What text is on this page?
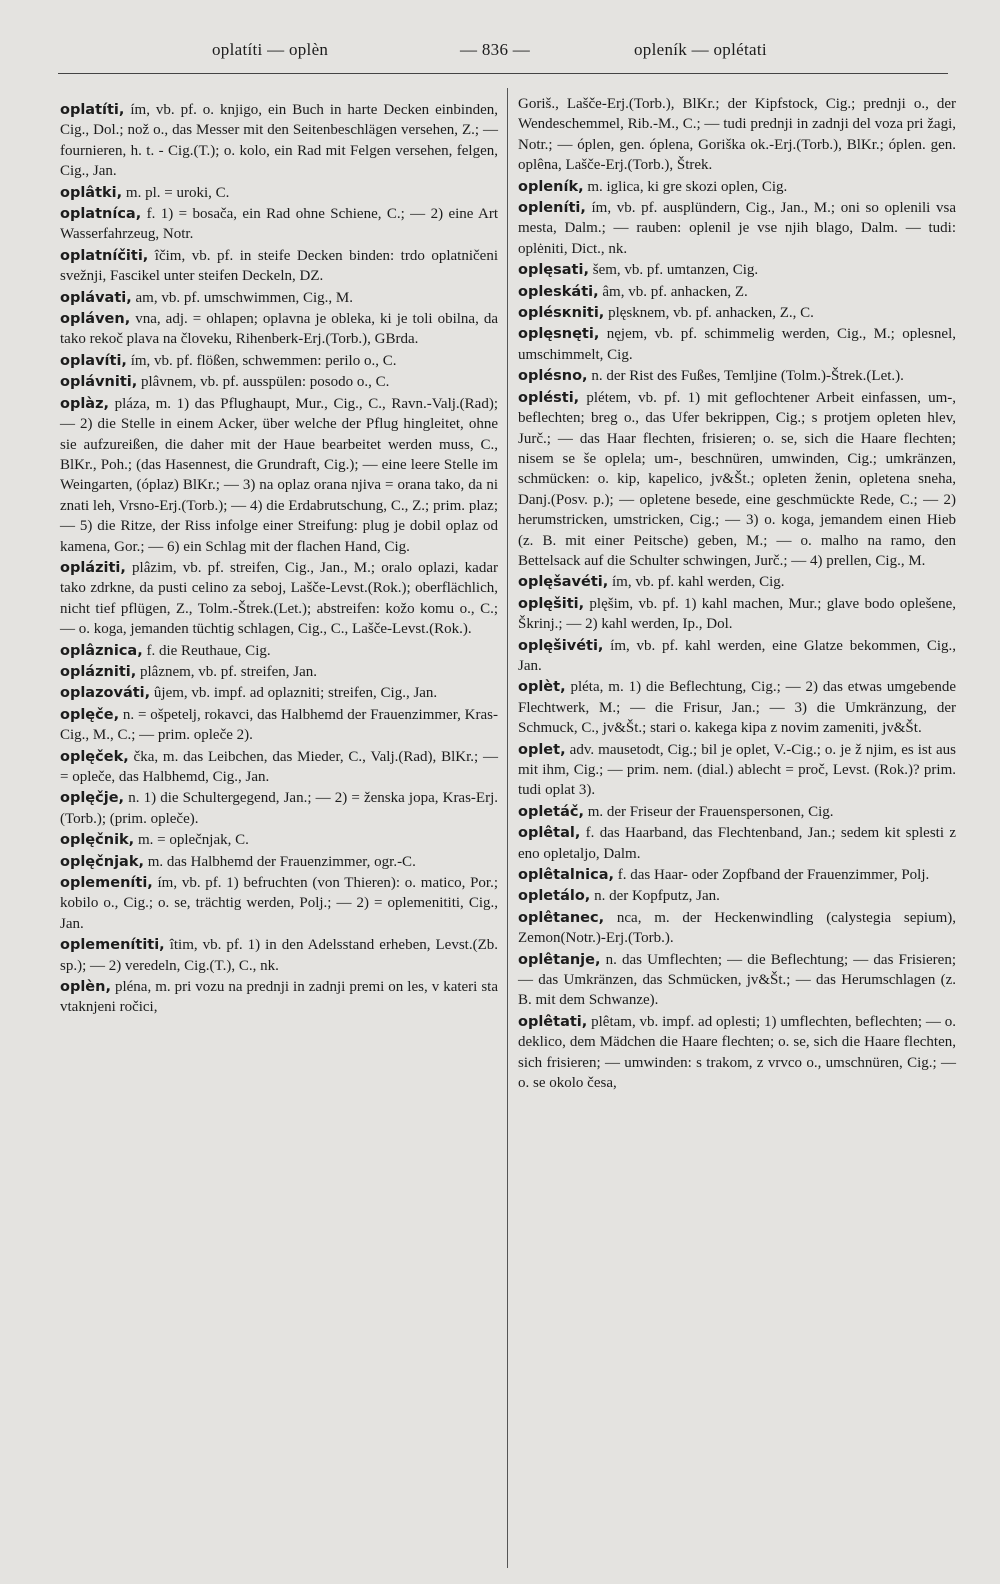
oplatíti — oplèn	— 836 —	opleník — oplétati
oplatíti, ím, vb. pf. o. knjigo, ein Buch in harte Decken einbinden, Cig., Dol.; nož o., das Messer mit den Seitenbeschlägen versehen, Z.; — fournieren, h. t. - Cig.(T.); o. kolo, ein Rad mit Felgen versehen, felgen, Cig., Jan.
oplâtki, m. pl. = uroki, C.
oplatníca, f. 1) = bosača, ein Rad ohne Schiene, C.; — 2) eine Art Wasserfahrzeug, Notr.
oplatníčiti, îčim, vb. pf. in steife Decken binden: trdo oplatničeni svežnji, Fascikel unter steifen Deckeln, DZ.
oplávati, am, vb. pf. umschwimmen, Cig., M.
opláven, vna, adj. = ohlapen; oplavna je obleka, ki je toli obilna, da tako rekoč plava na človeku, Rihenberk-Erj.(Torb.), GBrda.
oplavíti, ím, vb. pf. flößen, schwemmen: perilo o., C.
oplávniti, plâvnem, vb. pf. ausspülen: posodo o., C.
oplàz, pláza, m. 1) das Pflughaupt, Mur., Cig., C., Ravn.-Valj.(Rad); — 2) die Stelle in einem Acker, über welche der Pflug hingleitet, ohne sie aufzureißen, die daher mit der Haue bearbeitet werden muss, C., BlKr., Poh.; (das Hasennest, die Grundraft, Cig.); — eine leere Stelle im Weingarten, (óplaz) BlKr.; — 3) na oplaz orana njiva = orana tako, da ni znati leh, Vrsno-Erj.(Torb.); — 4) die Erdabrutschung, C., Z.; prim. plaz; — 5) die Ritze, der Riss infolge einer Streifung: plug je dobil oplaz od kamena, Gor.; — 6) ein Schlag mit der flachen Hand, Cig.
opláziti, plâzim, vb. pf. streifen, Cig., Jan., M.; oralo oplazi, kadar tako zdrkne, da pusti celino za seboj, Lašče-Levst.(Rok.); oberflächlich, nicht tief pflügen, Z., Tolm.-Štrek.(Let.); abstreifen: kožo komu o., C.; — o. koga, jemanden tüchtig schlagen, Cig., C., Lašče-Levst.(Rok.).
oplâznica, f. die Reuthaue, Cig.
oplázniti, plâznem, vb. pf. streifen, Jan.
oplazováti, ûjem, vb. impf. ad oplazniti; streifen, Cig., Jan.
oplęče, n. = ošpetelj, rokavci, das Halbhemd der Frauenzimmer, Kras-Cig., M., C.; — prim. opleče 2).
oplęček, čka, m. das Leibchen, das Mieder, C., Valj.(Rad), BlKr.; — = opleče, das Halbhemd, Cig., Jan.
oplęčje, n. 1) die Schultergegend, Jan.; — 2) = ženska jopa, Kras-Erj.(Torb.); (prim. opleče).
oplęčnik, m. = oplečnjak, C.
oplęčnjak, m. das Halbhemd der Frauenzimmer, ogr.-C.
oplemeníti, ím, vb. pf. 1) befruchten (von Thieren): o. matico, Por.; kobilo o., Cig.; o. se, trächtig werden, Polj.; — 2) = oplemenititi, Cig., Jan.
oplemenítiti, îtim, vb. pf. 1) in den Adelsstand erheben, Levst.(Zb. sp.); — 2) veredeln, Cig.(T.), C., nk.
oplèn, pléna, m. pri vozu na prednji in zadnji premi on les, v kateri sta vtaknjeni ročici,
Goriš., Lašče-Erj.(Torb.), BlKr.; der Kipfstock, Cig.; prednji o., der Wendeschemmel, Rib.-M., C.; — tudi prednji in zadnji del voza pri žagi, Notr.; — óplen, gen. óplena, Goriška ok.-Erj.(Torb.), BlKr.; óplen. gen. oplêna, Lašče-Erj.(Torb.), Štrek.
opleník, m. iglica, ki gre skozi oplen, Cig.
opleníti, ím, vb. pf. ausplündern, Cig., Jan., M.; oni so oplenili vsa mesta, Dalm.; — rauben: oplenil je vse njih blago, Dalm. — tudi: oplėniti, Dict., nk.
oplęsati, šem, vb. pf. umtanzen, Cig.
opleskáti, âm, vb. pf. anhacken, Z.
oplésкniti, plęsknem, vb. pf. anhacken, Z., C.
oplęsnęti, nęjem, vb. pf. schimmelig werden, Cig., M.; oplesnel, umschimmelt, Cig.
oplésno, n. der Rist des Fußes, Temljine (Tolm.)-Štrek.(Let.).
oplésti, plétem, vb. pf. 1) mit geflochtener Arbeit einfassen, um-, beflechten; breg o., das Ufer bekrippen, Cig.; s protjem opleten hlev, Jurč.; — das Haar flechten, frisieren; o. se, sich die Haare flechten; nisem se še oplela; um-, beschnüren, umwinden, Cig.; umkränzen, schmücken: o. kip, kapelico, jv&Št.; opleten ženin, opletena sneha, Danj.(Posv. p.); — opletene besede, eine geschmückte Rede, C.; — 2) herumstricken, umstricken, Cig.; — 3) o. koga, jemandem einen Hieb (z. B. mit einer Peitsche) geben, M.; — o. malho na ramo, den Bettelsack auf die Schulter schwingen, Jurč.; — 4) prellen, Cig., M.
oplęšavéti, ím, vb. pf. kahl werden, Cig.
oplęšiti, plęšim, vb. pf. 1) kahl machen, Mur.; glave bodo oplešene, Škrinj.; — 2) kahl werden, Ip., Dol.
oplęšivéti, ím, vb. pf. kahl werden, eine Glatze bekommen, Cig., Jan.
oplèt, pléta, m. 1) die Beflechtung, Cig.; — 2) das etwas umgebende Flechtwerk, M.; — die Frisur, Jan.; — 3) die Umkränzung, der Schmuck, C., jv&Št.; stari o. kakega kipa z novim zameniti, jv&Št.
oplet, adv. mausetodt, Cig.; bil je oplet, V.-Cig.; o. je ž njim, es ist aus mit ihm, Cig.; — prim. nem. (dial.) ablecht = proč, Levst. (Rok.)? prim. tudi oplat 3).
opletáč, m. der Friseur der Frauenspersonen, Cig.
oplêtal, f. das Haarband, das Flechtenband, Jan.; sedem kit splesti z eno opletaljo, Dalm.
oplêtalnica, f. das Haar- oder Zopfband der Frauenzimmer, Polj.
opletálo, n. der Kopfputz, Jan.
oplêtanec, nca, m. der Heckenwindling (calystegia sepium), Zemon(Notr.)-Erj.(Torb.).
oplêtanje, n. das Umflechten; — die Beflechtung; — das Frisieren; — das Umkränzen, das Schmücken, jv&Št.; — das Herumschlagen (z. B. mit dem Schwanze).
oplêtati, plêtam, vb. impf. ad oplesti; 1) umflechten, beflechten; — o. deklico, dem Mädchen die Haare flechten; o. se, sich die Haare flechten, sich frisieren; — umwinden: s trakom, z vrvco o., umschnüren, Cig.; — o. se okolo česa,
